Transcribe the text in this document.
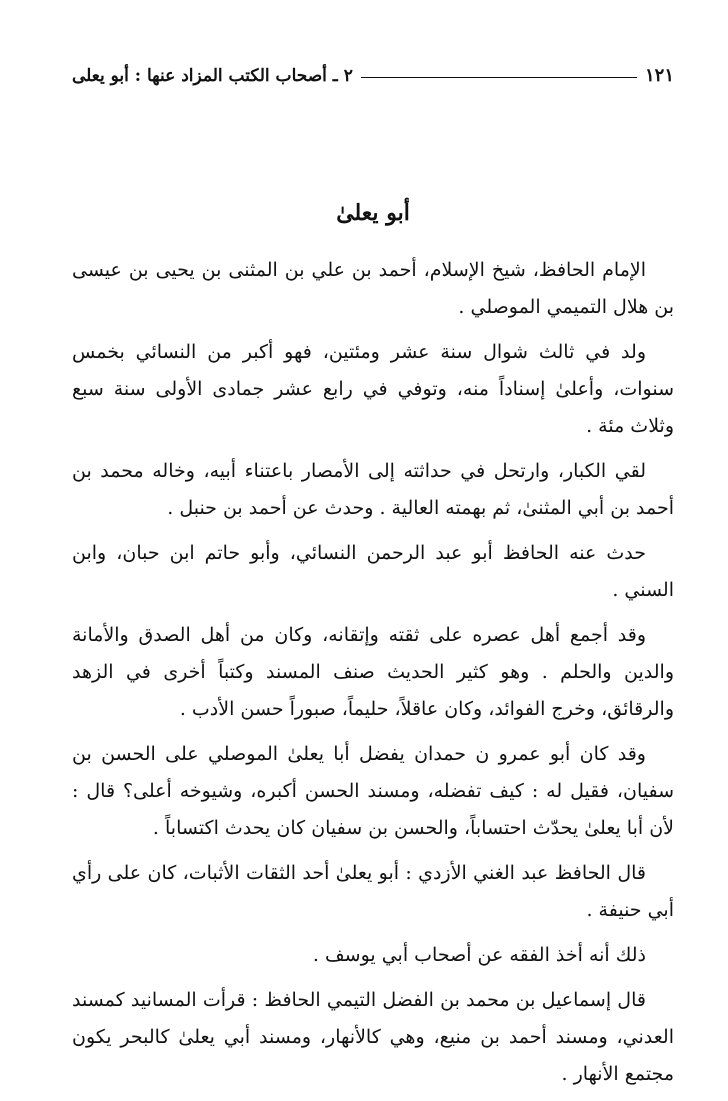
١٢١
٢ ـ أصحاب الكتب المزاد عنها : أبو يعلى
أبو يعلىٰ

الإمام الحافظ، شيخ الإسلام، أحمد بن علي بن المثنى بن يحيى بن عيسى بن هلال التميمي الموصلي .

ولد في ثالث شوال سنة عشر ومئتين، فهو أكبر من النسائي بخمس سنوات، وأعلىٰ إسناداً منه، وتوفي في رابع عشر جمادى الأولى سنة سبع وثلاث مئة .

لقي الكبار، وارتحل في حداثته إلى الأمصار باعتناء أبيه، وخاله محمد بن أحمد بن أبي المثنىٰ، ثم بهمته العالية . وحدث عن أحمد بن حنبل .

حدث عنه الحافظ أبو عبد الرحمن النسائي، وأبو حاتم ابن حبان، وابن السني .

وقد أجمع أهل عصره على ثقته وإتقانه، وكان من أهل الصدق والأمانة والدين والحلم . وهو كثير الحديث صنف المسند وكتباً أخرى في الزهد والرقائق، وخرج الفوائد، وكان عاقلاً، حليماً، صبوراً حسن الأدب .

وقد كان أبو عمرو ن حمدان يفضل أبا يعلىٰ الموصلي على الحسن بن سفيان، فقيل له : كيف تفضله، ومسند الحسن أكبره، وشيوخه أعلى؟ قال : لأن أبا يعلىٰ يحدّث احتساباً، والحسن بن سفيان كان يحدث اكتساباً .

قال الحافظ عبد الغني الأزدي : أبو يعلىٰ أحد الثقات الأثبات، كان على رأي أبي حنيفة .

ذلك أنه أخذ الفقه عن أصحاب أبي يوسف .

قال إسماعيل بن محمد بن الفضل التيمي الحافظ : قرأت المسانيد كمسند العدني، ومسند أحمد بن منيع، وهي كالأنهار، ومسند أبي يعلىٰ كالبحر يكون مجتمع الأنهار .
